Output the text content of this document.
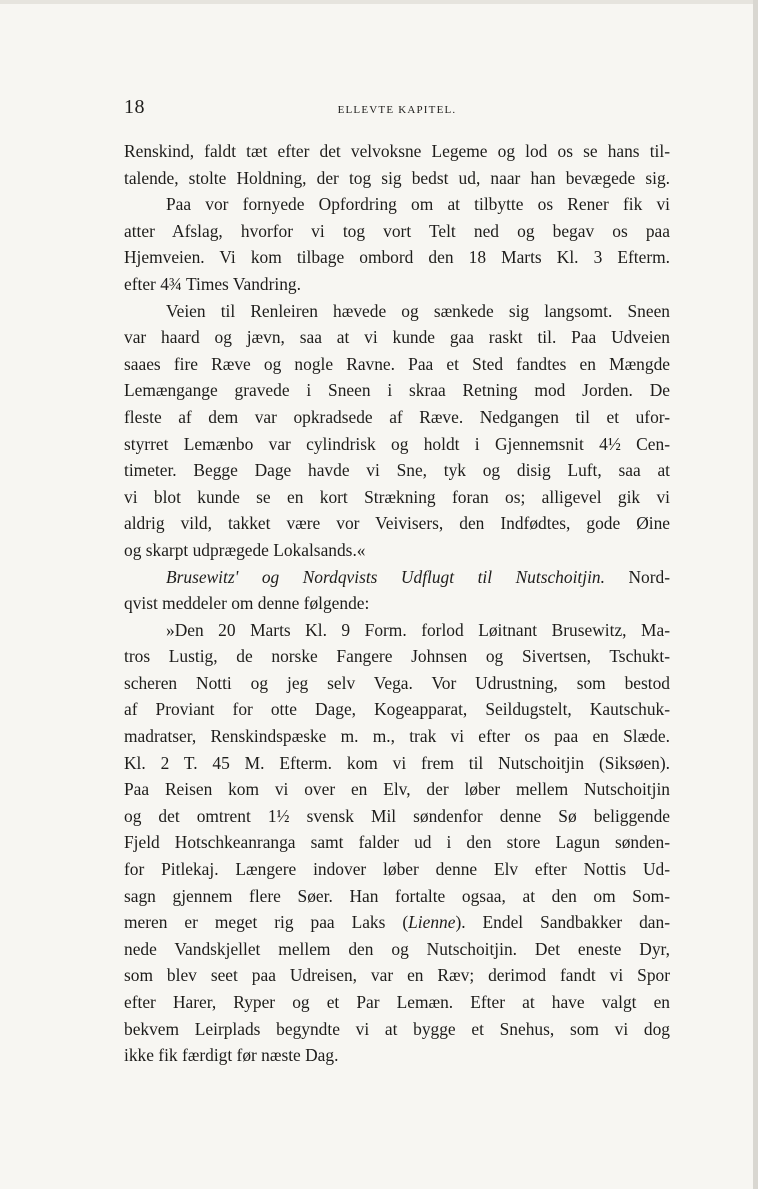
18	ELLEVTE KAPITEL.
Renskind, faldt tæt efter det velvoksne Legeme og lod os se hans til-
talende, stolte Holdning, der tog sig bedst ud, naar han bevægede sig.
Paa vor fornyede Opfordring om at tilbytte os Rener fik vi
atter Afslag, hvorfor vi tog vort Telt ned og begav os paa
Hjemveien. Vi kom tilbage ombord den 18 Marts Kl. 3 Efterm.
efter 4¾ Times Vandring.
Veien til Renleiren hævede og sænkede sig langsomt. Sneen
var haard og jævn, saa at vi kunde gaa raskt til. Paa Udveien
saaes fire Ræve og nogle Ravne. Paa et Sted fandtes en Mængde
Lemængange gravede i Sneen i skraa Retning mod Jorden. De
fleste af dem var opkradsede af Ræve. Nedgangen til et ufor-
styrret Lemænbo var cylindrisk og holdt i Gjennemsnit 4½ Cen-
timeter. Begge Dage havde vi Sne, tyk og disig Luft, saa at
vi blot kunde se en kort Strækning foran os; alligevel gik vi
aldrig vild, takket være vor Veivisers, den Indfødtes, gode Øine
og skarpt udprægede Lokalsands.«
Brusewitz' og Nordqvists Udflugt til Nutschoitjin. Nord-
qvist meddeler om denne følgende:
»Den 20 Marts Kl. 9 Form. forlod Løitnant Brusewitz, Ma-
tros Lustig, de norske Fangere Johnsen og Sivertsen, Tschukt-
scheren Notti og jeg selv Vega. Vor Udrustning, som bestod
af Proviant for otte Dage, Kogeapparat, Seildugstelt, Kautschuk-
madratser, Renskindspæske m. m., trak vi efter os paa en Slæde.
Kl. 2 T. 45 M. Efterm. kom vi frem til Nutschoitjin (Siksøen).
Paa Reisen kom vi over en Elv, der løber mellem Nutschoitjin
og det omtrent 1½ svensk Mil søndenfor denne Sø beliggende
Fjeld Hotschkeanranga samt falder ud i den store Lagun sønden-
for Pitlekaj. Længere indover løber denne Elv efter Nottis Ud-
sagn gjennem flere Søer. Han fortalte ogsaa, at den om Som-
meren er meget rig paa Laks (Lienne). Endel Sandbakker dan-
nede Vandskjellet mellem den og Nutschoitjin. Det eneste Dyr,
som blev seet paa Udreisen, var en Ræv; derimod fandt vi Spor
efter Harer, Ryper og et Par Lemæn. Efter at have valgt en
bekvem Leirplads begyndte vi at bygge et Snehus, som vi dog
ikke fik færdigt før næste Dag.
